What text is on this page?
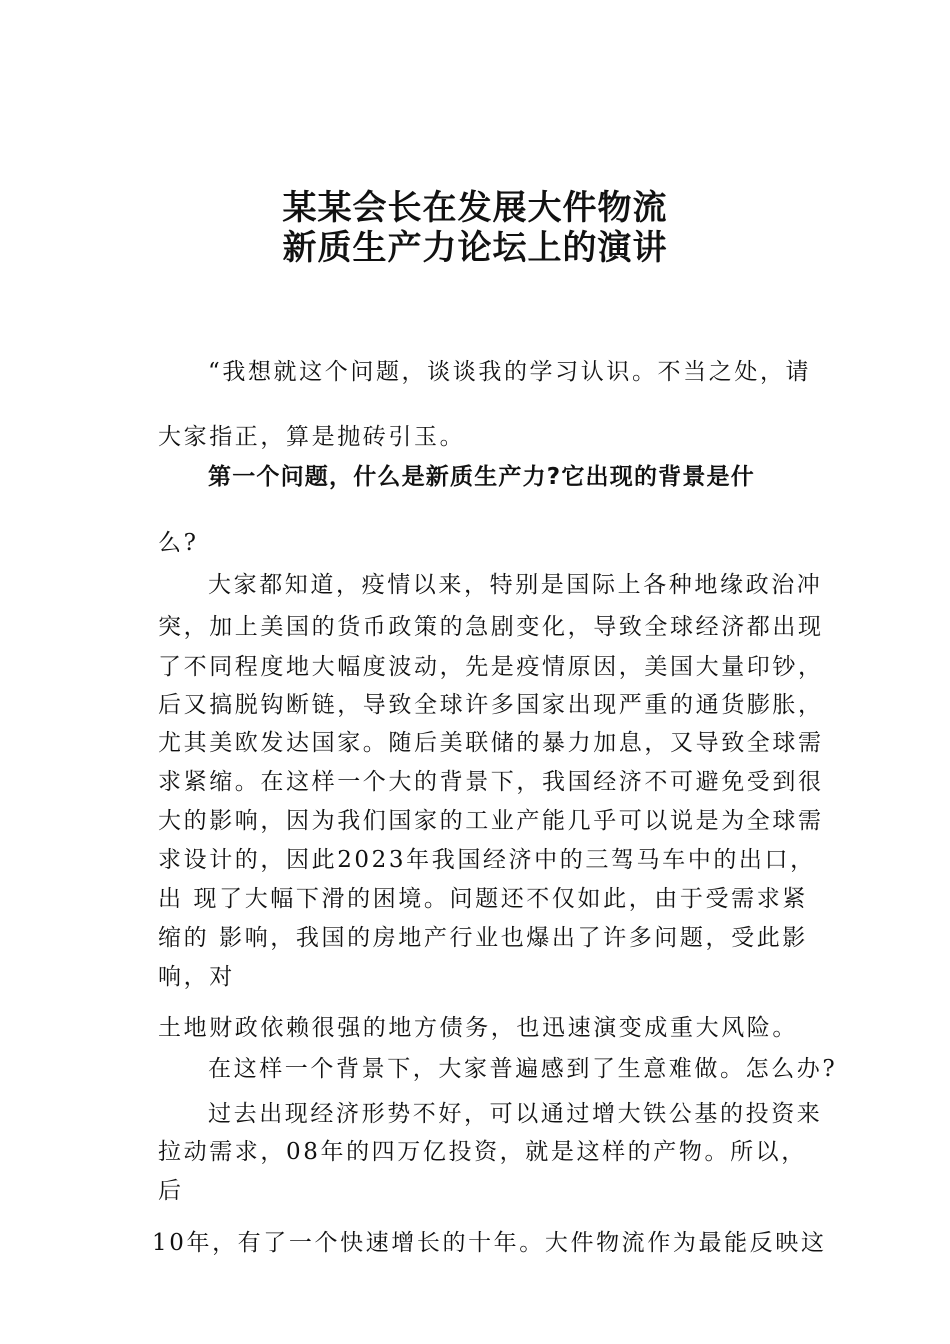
某某会长在发展大件物流
新质生产力论坛上的演讲
“我想就这个问题，谈谈我的学习认识。不当之处，请
大家指正，算是抛砖引玉。
第一个问题，什么是新质生产力?它出现的背景是什
么?
大家都知道，疫情以来，特别是国际上各种地缘政治冲
突，加上美国的货币政策的急剧变化，导致全球经济都出现
了不同程度地大幅度波动，先是疫情原因，美国大量印钞，
后又搞脱钩断链，导致全球许多国家出现严重的通货膨胀，
尤其美欧发达国家。随后美联储的暴力加息，又导致全球需
求紧缩。在这样一个大的背景下，我国经济不可避免受到很
大的影响，因为我们国家的工业产能几乎可以说是为全球需
求设计的，因此2023年我国经济中的三驾马车中的出口，
出 现了大幅下滑的困境。问题还不仅如此，由于受需求紧
缩的 影响，我国的房地产行业也爆出了许多问题，受此影
响，对
土地财政依赖很强的地方债务，也迅速演变成重大风险。
在这样一个背景下，大家普遍感到了生意难做。怎么办?
过去出现经济形势不好，可以通过增大铁公基的投资来
拉动需求，08年的四万亿投资，就是这样的产物。所以，
后
10年，有了一个快速增长的十年。大件物流作为最能反映这
